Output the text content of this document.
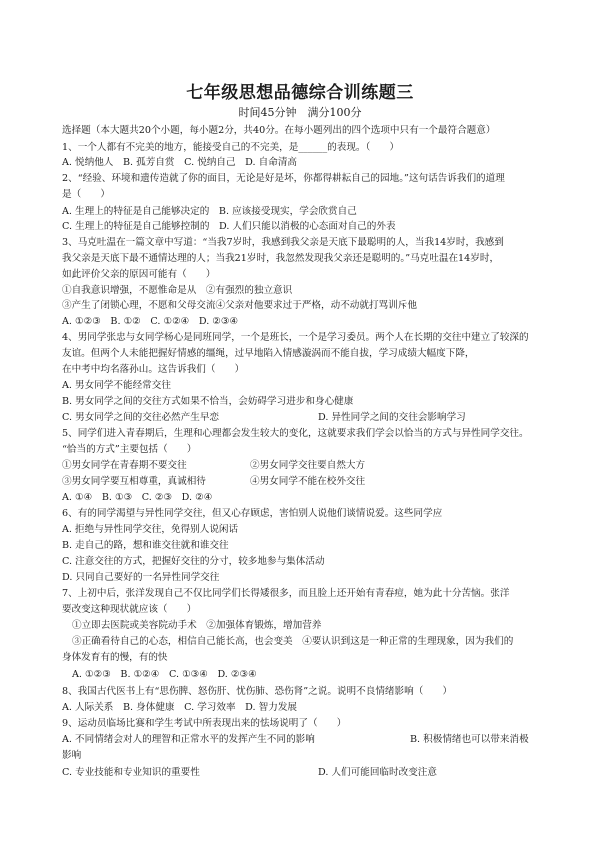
七年级思想品德综合训练题三
时间45分钟　满分100分
选择题（本大题共20个小题，每小题2分，共40分。在每小题列出的四个选项中只有一个最符合题意）
1、一个人都有不完美的地方，能接受自己的不完美，是______的表现。（　　）
A. 悦纳他人　B. 孤芳自赏　C. 悦纳自己　D. 自命清高
2、“经验、环境和遗传造就了你的面目，无论是好是坏，你都得耕耘自己的园地。”这句话告诉我们的道理
是（　　）
A. 生理上的特征是自己能够决定的　B. 应该接受现实，学会欣赏自己
C. 生理上的特征是自己能够控制的　D. 人们只能以消极的心态面对自己的外表
3、马克吐温在一篇文章中写道：“当我7岁时，我感到我父亲是天底下最聪明的人，当我14岁时，我感到
我父亲是天底下最不通情达理的人；当我21岁时，我忽然发现我父亲还是聪明的。”马克吐温在14岁时，
如此评价父亲的原因可能有（　　）
①自我意识增强，不愿惟命是从　②有强烈的独立意识
③产生了闭锁心理，不愿和父母交流④父亲对他要求过于严格，动不动就打骂训斥他
A. ①②③　B. ①②　C. ①②④　D. ②③④
4、男同学张忠与女同学杨心是同班同学，一个是班长，一个是学习委员。两个人在长期的交往中建立了较深的
友谊。但两个人未能把握好情感的缰绳，过早地陷入情感漩涡而不能自拔，学习成绩大幅度下降，
在中考中均名落孙山。这告诉我们（　　）
A. 男女同学不能经常交往
B. 男女同学之间的交往方式如果不恰当，会妨碍学习进步和身心健康
C. 男女同学之间的交往必然产生早恋	D. 异性同学之间的交往会影响学习
5、同学们进入青春期后，生理和心理都会发生较大的变化，这就要求我们学会以恰当的方式与异性同学交往。
“恰当的方式”主要包括（　　）
①男女同学在青春期不要交往	②男女同学交往要自然大方
③男女同学要互相尊重，真诚相待	④男女同学不能在校外交往
A. ①④　B. ①③　C. ②③　D. ②④
6、有的同学渴望与异性同学交往，但又心存顾虑，害怕别人说他们谈情说爱。这些同学应
A. 拒绝与异性同学交往，免得别人说闲话
B. 走自己的路，想和谁交往就和谁交往
C. 注意交往的方式，把握好交往的分寸，较多地参与集体活动
D. 只同自己要好的一名异性同学交往
7、上初中后，张洋发现自己不仅比同学们长得矮很多，而且脸上还开始有青春痘，她为此十分苦恼。张洋
要改变这种现状就应该（　　）
①立即去医院或美容院动手术　②加强体育锻炼，增加营养
③正确看待自己的心态，相信自己能长高，也会变美　④要认识到这是一种正常的生理现象，因为我们的
身体发育有的慢，有的快
A. ①②③　B. ①②④　C. ①③④　D. ②③④
8、我国古代医书上有“思伤脾、怒伤肝、忧伤肺、恐伤肾”之说。说明不良情绪影响（　　）
A. 人际关系　B. 身体健康　C. 学习效率　D. 智力发展
9、运动员临场比赛和学生考试中所表现出来的怯场说明了（　　）
A. 不同情绪会对人的理智和正常水平的发挥产生不同的影响	B. 积极情绪也可以带来消极
影响
C. 专业技能和专业知识的重要性	D. 人们可能回临时改变注意
